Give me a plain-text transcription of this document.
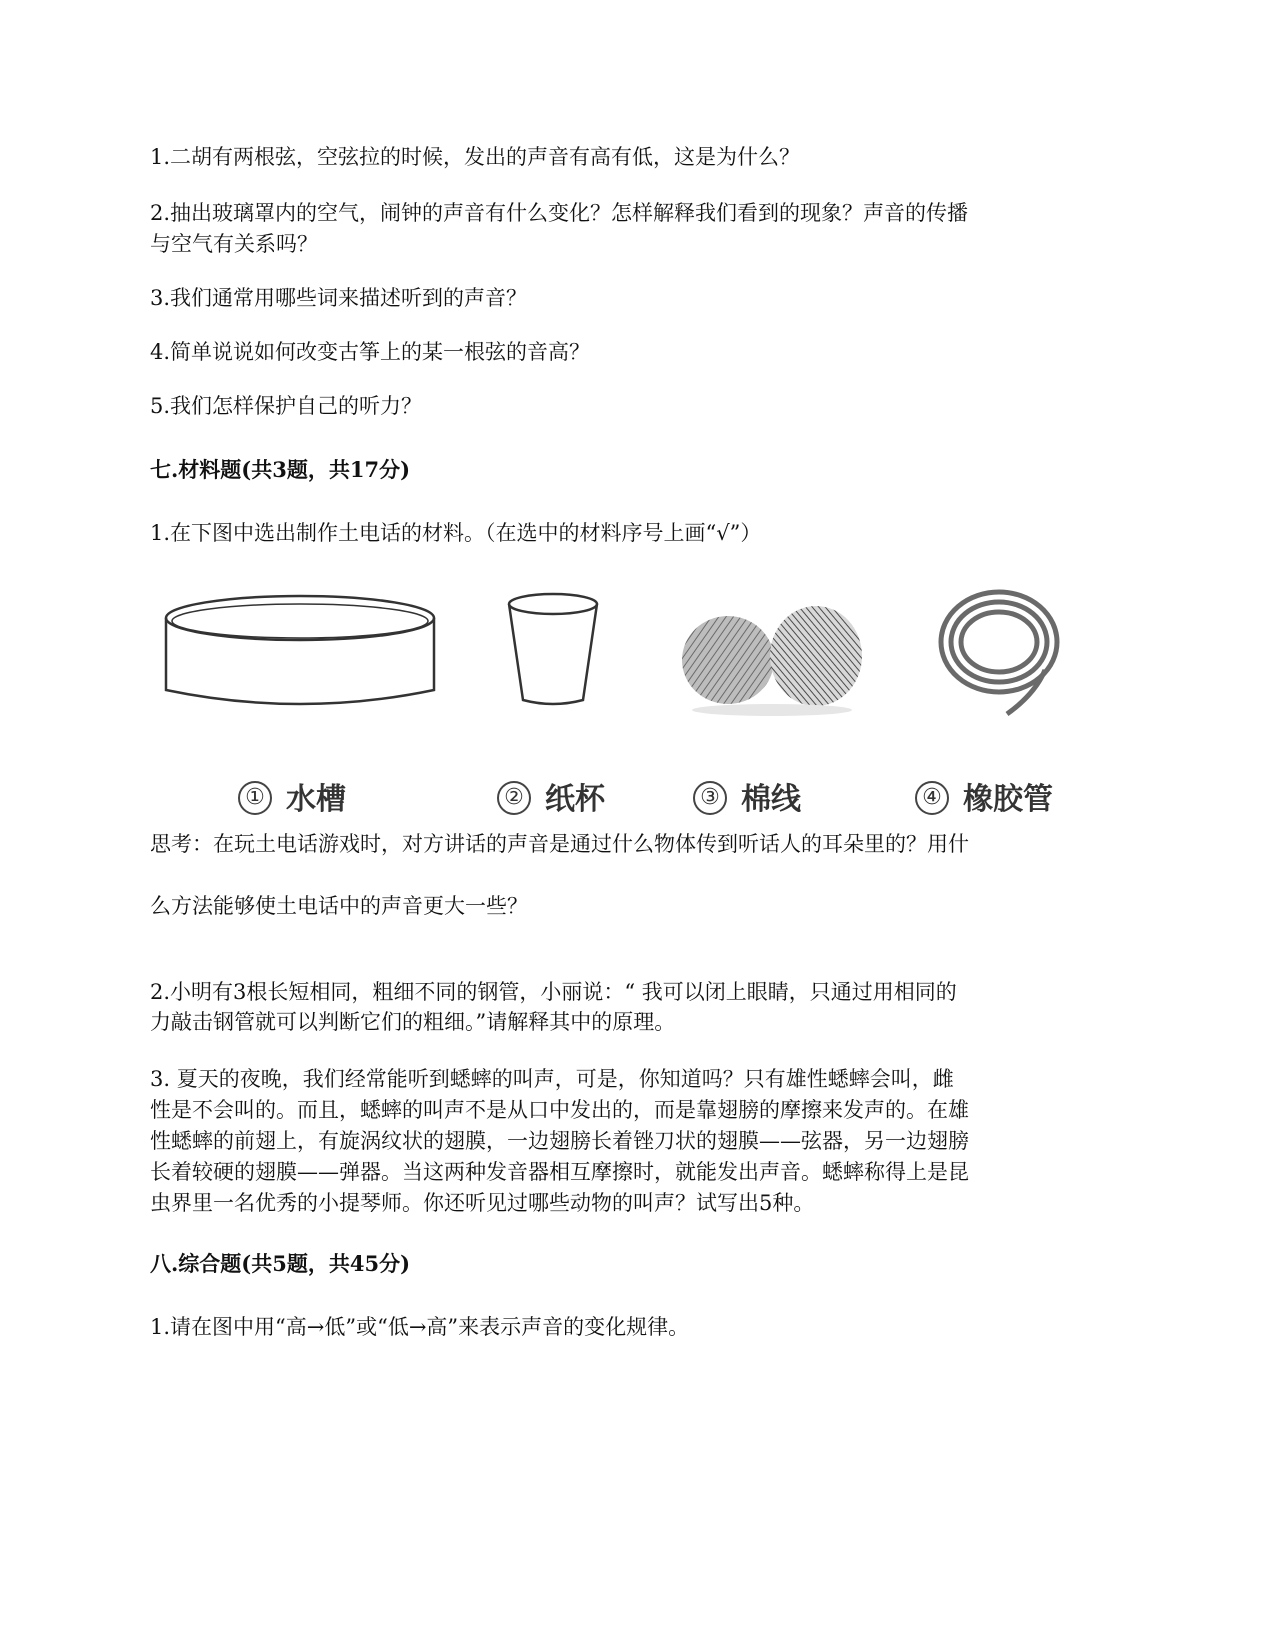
1.二胡有两根弦，空弦拉的时候，发出的声音有高有低，这是为什么？
2.抽出玻璃罩内的空气，闹钟的声音有什么变化？怎样解释我们看到的现象？声音的传播
与空气有关系吗？
3.我们通常用哪些词来描述听到的声音？
4.简单说说如何改变古筝上的某一根弦的音高？
5.我们怎样保护自己的听力？
七.材料题(共3题，共17分)
1.在下图中选出制作土电话的材料。（在选中的材料序号上画“√”）
① 水槽	② 纸杯	③ 棉线	④ 橡胶管
思考：在玩土电话游戏时，对方讲话的声音是通过什么物体传到听话人的耳朵里的？用什
么方法能够使土电话中的声音更大一些？
2.小明有3根长短相同，粗细不同的钢管，小丽说：“ 我可以闭上眼睛，只通过用相同的
力敲击钢管就可以判断它们的粗细。”请解释其中的原理。
3. 夏天的夜晚，我们经常能听到蟋蟀的叫声，可是，你知道吗？只有雄性蟋蟀会叫，雌
性是不会叫的。而且，蟋蟀的叫声不是从口中发出的，而是靠翅膀的摩擦来发声的。在雄
性蟋蟀的前翅上，有旋涡纹状的翅膜，一边翅膀长着锉刀状的翅膜——弦器，另一边翅膀
长着较硬的翅膜——弹器。当这两种发音器相互摩擦时，就能发出声音。蟋蟀称得上是昆
虫界里一名优秀的小提琴师。你还听见过哪些动物的叫声？试写出5种。
八.综合题(共5题，共45分)
1.请在图中用“高→低”或“低→高”来表示声音的变化规律。
